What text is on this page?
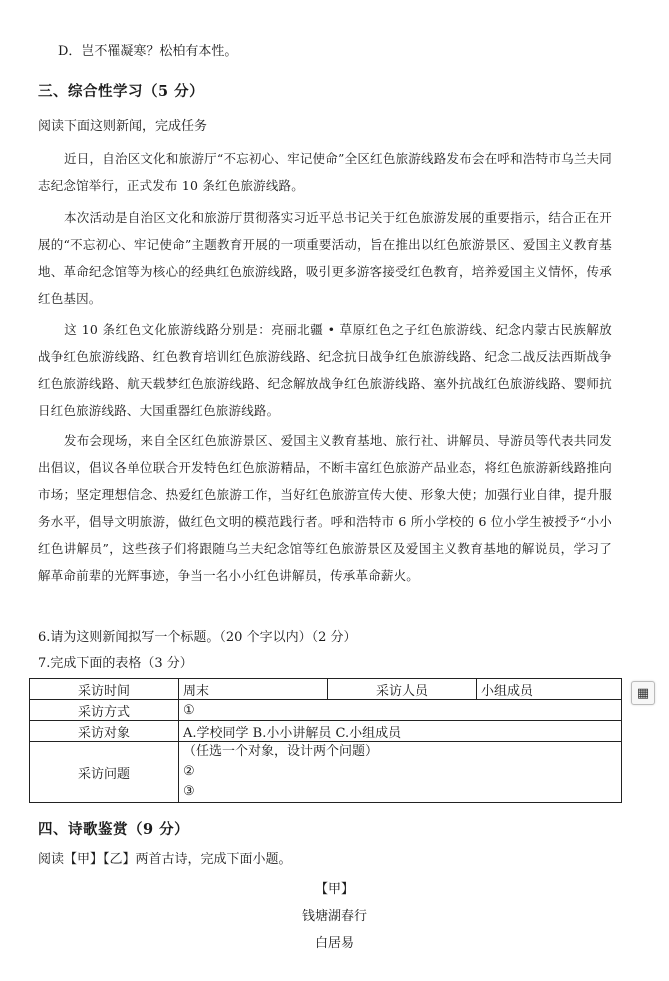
D．岂不罹凝寒？松柏有本性。
三、综合性学习（5 分）
阅读下面这则新闻，完成任务
近日，自治区文化和旅游厅“不忘初心、牢记使命”全区红色旅游线路发布会在呼和浩特市乌兰夫同志纪念馆举行，正式发布 10 条红色旅游线路。
本次活动是自治区文化和旅游厅贯彻落实习近平总书记关于红色旅游发展的重要指示，结合正在开展的“不忘初心、牢记使命”主题教育开展的一项重要活动，旨在推出以红色旅游景区、爱国主义教育基地、革命纪念馆等为核心的经典红色旅游线路，吸引更多游客接受红色教育，培养爱国主义情怀，传承红色基因。
这 10 条红色文化旅游线路分别是：亮丽北疆 • 草原红色之子红色旅游线、纪念内蒙古民族解放战争红色旅游线路、红色教育培训红色旅游线路、纪念抗日战争红色旅游线路、纪念二战反法西斯战争红色旅游线路、航天载梦红色旅游线路、纪念解放战争红色旅游线路、塞外抗战红色旅游线路、婴师抗日红色旅游线路、大国重器红色旅游线路。
发布会现场，来自全区红色旅游景区、爱国主义教育基地、旅行社、讲解员、导游员等代表共同发出倡议，倡议各单位联合开发特色红色旅游精品，不断丰富红色旅游产品业态，将红色旅游新线路推向市场；坚定理想信念、热爱红色旅游工作，当好红色旅游宣传大使、形象大使；加强行业自律，提升服务水平，倡导文明旅游，做红色文明的模范践行者。呼和浩特市 6 所小学校的 6 位小学生被授予“小小红色讲解员”，这些孩子们将跟随乌兰夫纪念馆等红色旅游景区及爱国主义教育基地的解说员，学习了解革命前辈的光辉事迹，争当一名小小红色讲解员，传承革命薪火。
6.请为这则新闻拟写一个标题。（20 个字以内）（2 分）
7.完成下面的表格（3 分）
采访时间	周末	采访人员	小组成员
采访方式	①		
采访对象	A.学校同学 B.小小讲解员 C.小组成员		
采访问题	（任选一个对象，设计两个问题）
②
③		
▦
四、诗歌鉴赏（9 分）
阅读【甲】【乙】两首古诗，完成下面小题。
【甲】
钱塘湖春行
白居易
